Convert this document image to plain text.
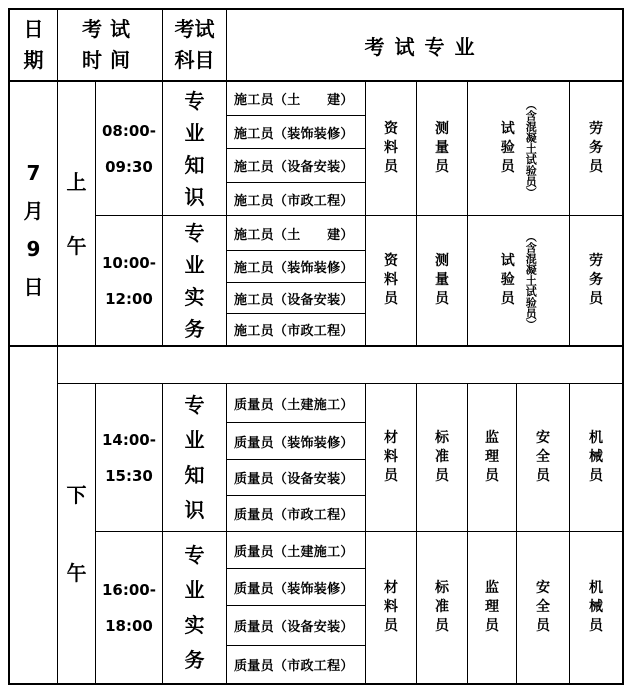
日
期
考试
时间
考试
科目
考试专业
7
月
9
日
上
午
08:00-
09:30
专
业
知
识
施工员（土　　建）
施工员（装饰装修）
施工员（设备安装）
施工员（市政工程）
资
料
员
测
量
员
试
验
员 （含混凝土试验员）	劳
务
员
10:00-
12:00
专
业
实
务
施工员（土　　建）
施工员（装饰装修）
施工员（设备安装）
施工员（市政工程）
资
料
员
测
量
员
试
验
员 （含混凝土试验员）	劳
务
员
下
午
14:00-
15:30
专
业
知
识
质量员（土建施工）
质量员（装饰装修）
质量员（设备安装）
质量员（市政工程）
材
料
员
标
准
员
监
理
员
安
全
员
机
械
员
16:00-
18:00
专
业
实
务
质量员（土建施工）
质量员（装饰装修）
质量员（设备安装）
质量员（市政工程）
材
料
员
标
准
员
监
理
员
安
全
员
机
械
员
